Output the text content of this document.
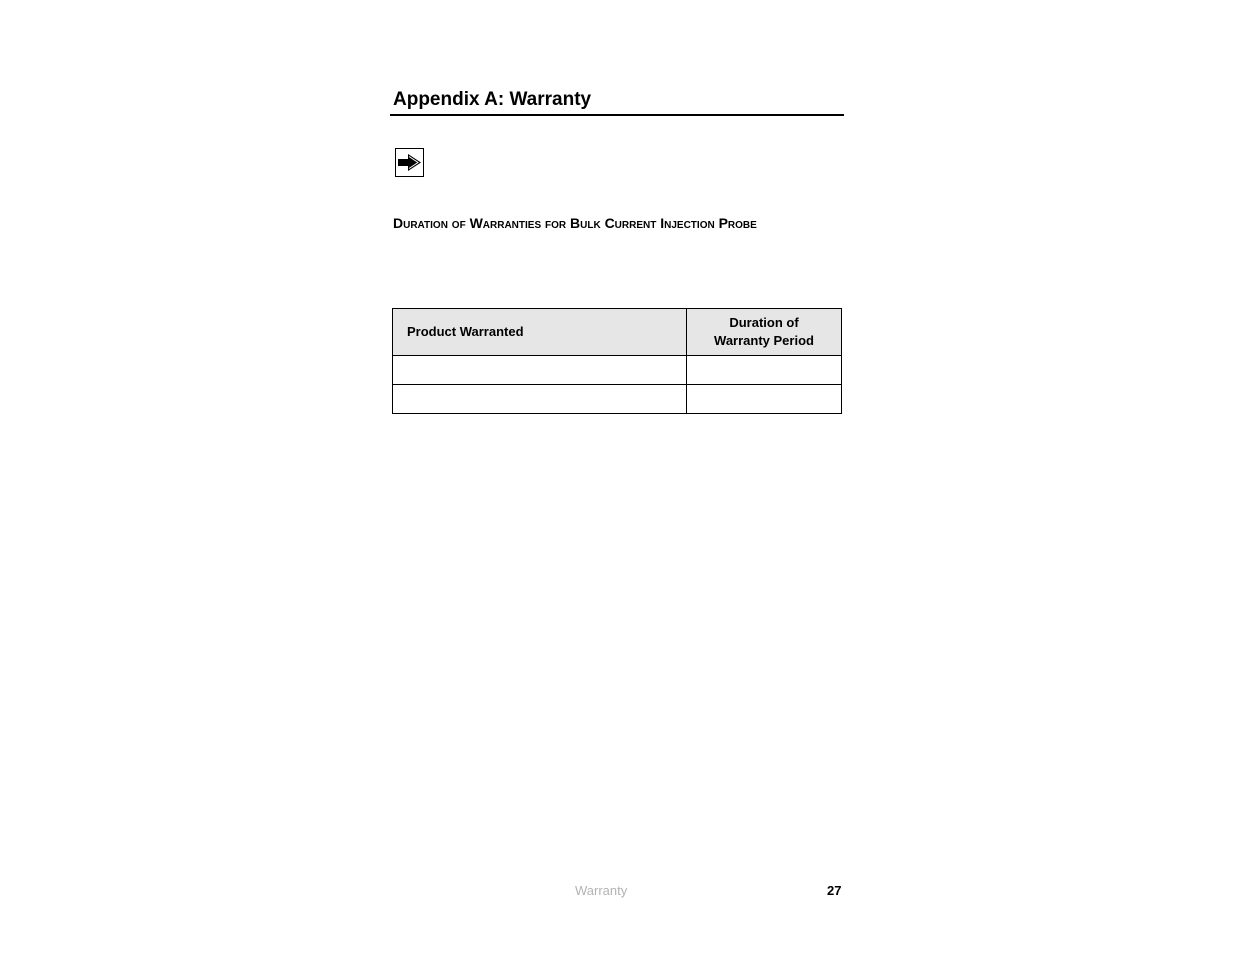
Appendix A: Warranty
Duration of Warranties for Bulk Current Injection Probe
Product Warranted	Duration of
Warranty Period

Warranty	27
